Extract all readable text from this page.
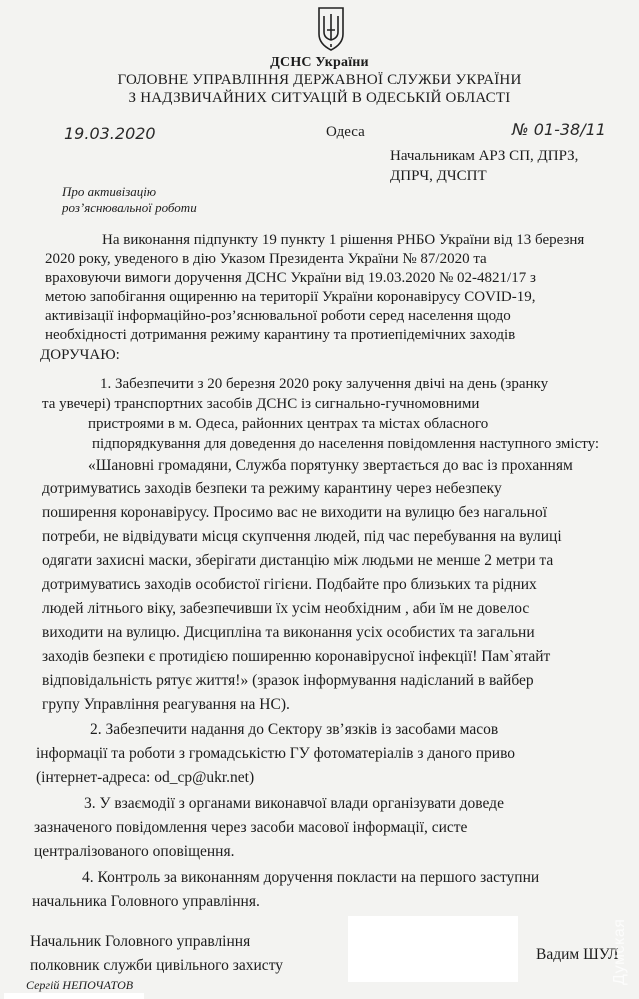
ДСНС України
ГОЛОВНЕ УПРАВЛІННЯ ДЕРЖАВНОЇ СЛУЖБИ УКРАЇНИ
З НАДЗВИЧАЙНИХ СИТУАЦІЙ В ОДЕСЬКІЙ ОБЛАСТІ
19.03.2020	Одеса	№ 01-38/11
Начальникам АРЗ СП, ДПРЗ,
ДПРЧ, ДЧСПТ
Про активізацію
роз’яснювальної роботи
На виконання підпункту 19 пункту 1 рішення РНБО України від 13 березня
2020 року, уведеного в дію Указом Президента України № 87/2020 та
враховуючи вимоги доручення ДСНС України від 19.03.2020 № 02-4821/17 з
метою запобігання ощиренню на території України коронавірусу COVID-19,
активізації інформаційно-роз’яснювальної роботи серед населення щодо
необхідності дотримання режиму карантину та протиепідемічних заходів
ДОРУЧАЮ:
1. Забезпечити з 20 березня 2020 року залучення двічі на день (зранку
та увечері) транспортних засобів ДСНС із сигнально-гучномовними
пристроями в м. Одеса, районних центрах та містах обласного
підпорядкування для доведення до населення повідомлення наступного змісту:
«Шановні громадяни, Служба порятунку звертається до вас із проханням
дотримуватись заходів безпеки та режиму карантину через небезпеку
поширення коронавірусу. Просимо вас не виходити на вулицю без нагальної
потреби, не відвідувати місця скупчення людей, під час перебування на вулиці
одягати захисні маски, зберігати дистанцію між людьми не менше 2 метри та
дотримуватись заходів особистої гігієни. Подбайте про близьких та рідних
людей літнього віку, забезпечивши їх усім необхідним , аби їм не довелос
виходити на вулицю. Дисципліна та виконання усіх особистих та загальни
заходів безпеки є протидією поширенню коронавірусної інфекції! Пам`ятайт
відповідальність рятує життя!» (зразок інформування надісланий в вайбер
групу Управління реагування на НС).
2. Забезпечити надання до Сектору зв’язків із засобами масов
інформації та роботи з громадськістю ГУ фотоматеріалів з даного приво
(інтернет-адреса: od_cp@ukr.net)
3. У взаємодії з органами виконавчої влади організувати доведе
зазначеного повідомлення через засоби масової інформації, систе
централізованого оповіщення.
4. Контроль за виконанням доручення покласти на першого заступни
начальника Головного управління.
Начальник Головного управління
полковник служби цивільного захисту
Вадим ШУЛ
Сергій НЕПОЧАТОВ	Думская
